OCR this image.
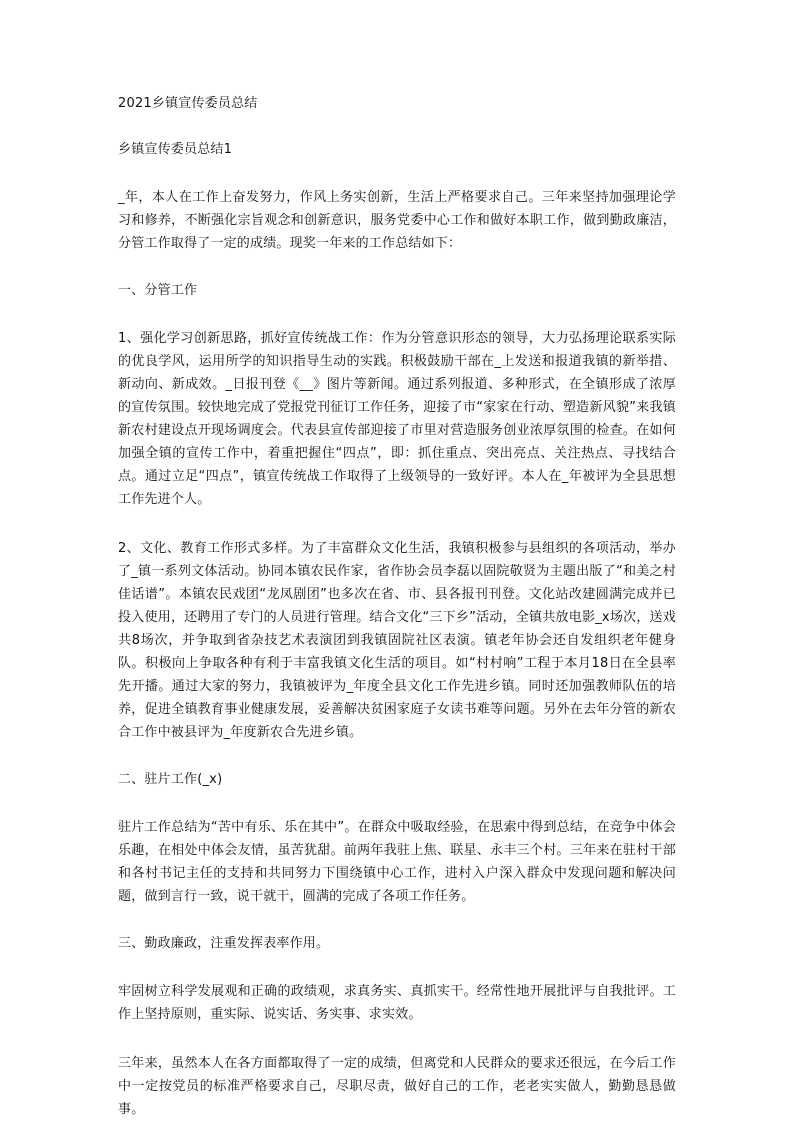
2021乡镇宣传委员总结

乡镇宣传委员总结1

_年，本人在工作上奋发努力，作风上务实创新，生活上严格要求自己。三年来坚持加强理论学习和修养，不断强化宗旨观念和创新意识，服务党委中心工作和做好本职工作，做到勤政廉洁，分管工作取得了一定的成绩。现奖一年来的工作总结如下：

一、分管工作

1、强化学习创新思路，抓好宣传统战工作：作为分管意识形态的领导，大力弘扬理论联系实际的优良学风，运用所学的知识指导生动的实践。积极鼓励干部在_上发送和报道我镇的新举措、新动向、新成效。_日报刊登《__》图片等新闻。通过系列报道、多种形式，在全镇形成了浓厚的宣传氛围。较快地完成了党报党刊征订工作任务，迎接了市“家家在行动、塑造新风貌”来我镇新农村建设点开现场调度会。代表县宣传部迎接了市里对营造服务创业浓厚氛围的检查。在如何加强全镇的宣传工作中，着重把握住“四点”，即：抓住重点、突出亮点、关注热点、寻找结合点。通过立足“四点”，镇宣传统战工作取得了上级领导的一致好评。本人在_年被评为全县思想工作先进个人。

2、文化、教育工作形式多样。为了丰富群众文化生活，我镇积极参与县组织的各项活动，举办了_镇一系列文体活动。协同本镇农民作家，省作协会员李磊以固院敬贤为主题出版了“和美之村佳话谱”。本镇农民戏团“龙凤剧团”也多次在省、市、县各报刊刊登。文化站改建圆满完成并已投入使用，还聘用了专门的人员进行管理。结合文化“三下乡”活动，全镇共放电影_x场次，送戏共8场次，并争取到省杂技艺术表演团到我镇固院社区表演。镇老年协会还自发组织老年健身队。积极向上争取各种有利于丰富我镇文化生活的项目。如“村村响”工程于本月18日在全县率先开播。通过大家的努力，我镇被评为_年度全县文化工作先进乡镇。同时还加强教师队伍的培养，促进全镇教育事业健康发展，妥善解决贫困家庭子女读书难等问题。另外在去年分管的新农合工作中被县评为_年度新农合先进乡镇。

二、驻片工作(_x)

驻片工作总结为“苦中有乐、乐在其中”。在群众中吸取经验，在思索中得到总结，在竞争中体会乐趣，在相处中体会友情，虽苦犹甜。前两年我驻上焦、联星、永丰三个村。三年来在驻村干部和各村书记主任的支持和共同努力下围绕镇中心工作，进村入户深入群众中发现问题和解决问题，做到言行一致，说干就干，圆满的完成了各项工作任务。

三、勤政廉政，注重发挥表率作用。

牢固树立科学发展观和正确的政绩观，求真务实、真抓实干。经常性地开展批评与自我批评。工作上坚持原则，重实际、说实话、务实事、求实效。

三年来，虽然本人在各方面都取得了一定的成绩，但离党和人民群众的要求还很远，在今后工作中一定按党员的标准严格要求自己，尽职尽责，做好自己的工作，老老实实做人，勤勤恳恳做事。
